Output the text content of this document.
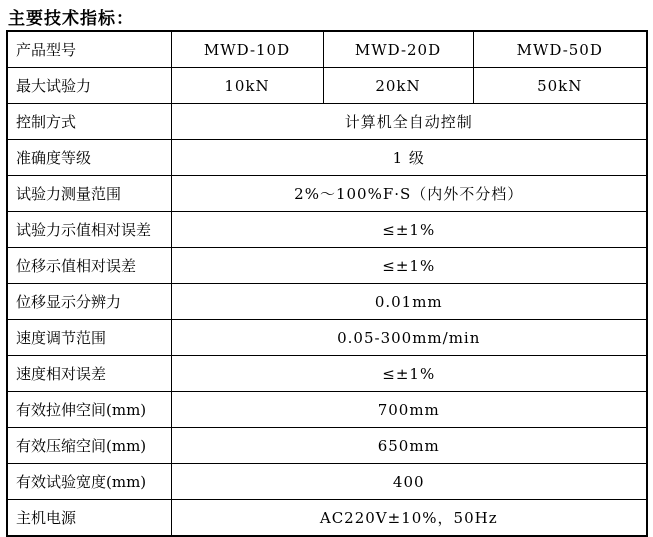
主要技术指标：
产品型号	MWD-10D	MWD-20D	MWD-50D
最大试验力	10kN	20kN	50kN
控制方式	计算机全自动控制		
准确度等级	1 级		
试验力测量范围	2%～100%F·S（内外不分档）		
试验力示值相对误差	≤±1%		
位移示值相对误差	≤±1%		
位移显示分辨力	0.01mm		
速度调节范围	0.05-300mm/min		
速度相对误差	≤±1%		
有效拉伸空间(mm)	700mm		
有效压缩空间(mm)	650mm		
有效试验宽度(mm)	400		
主机电源	AC220V±10%，50Hz		
